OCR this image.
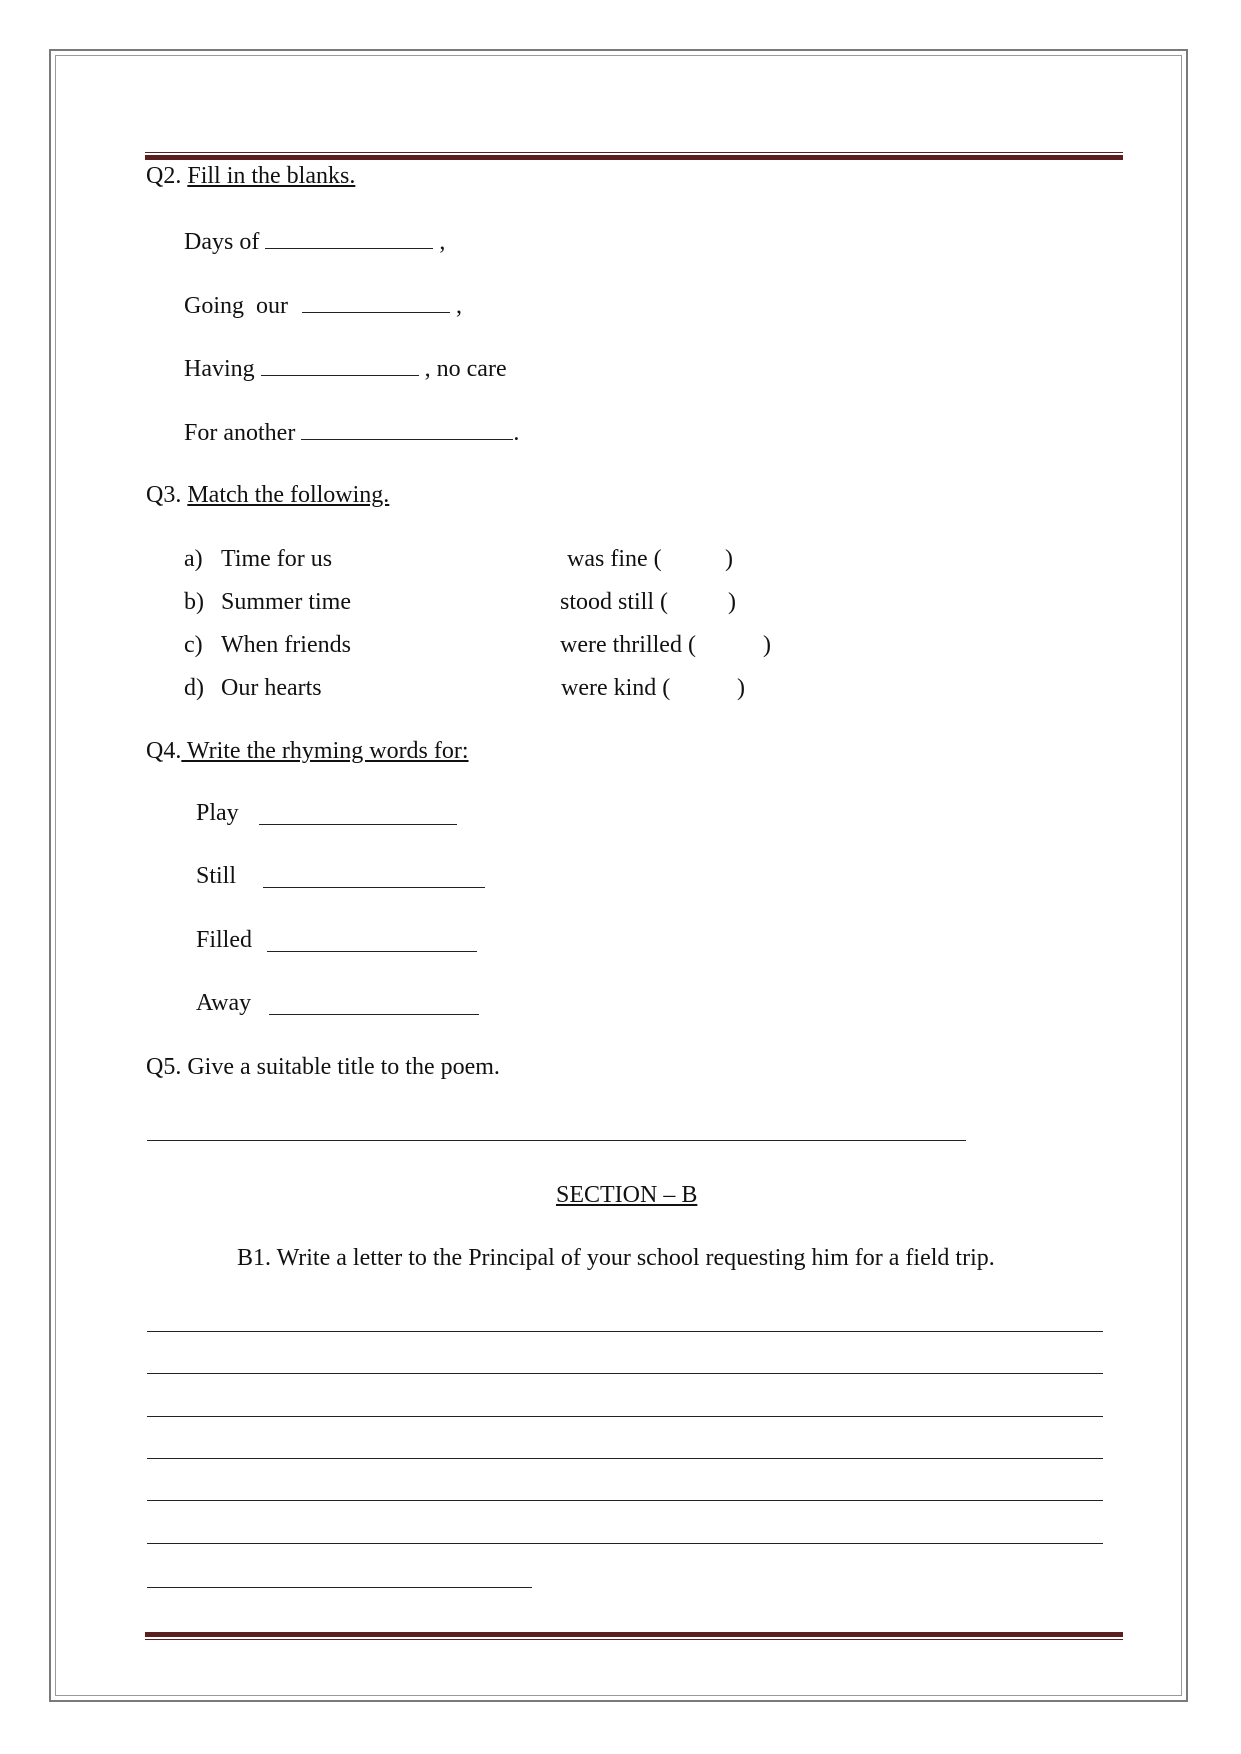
Q2. Fill in the blanks.
Days of	,
Going  our	,
Having	, no care
For another	.
Q3. Match the following.
a) Time for us	was fine (	)
b) Summer time	stood still ( )
c) When friends	were thrilled (	)
d) Our hearts	were kind (	)
Q4. Write the rhyming words for:
Play
Still
Filled
Away
Q5. Give a suitable title to the poem.
SECTION – B
B1. Write a letter to the Principal of your school requesting him for a field trip.
